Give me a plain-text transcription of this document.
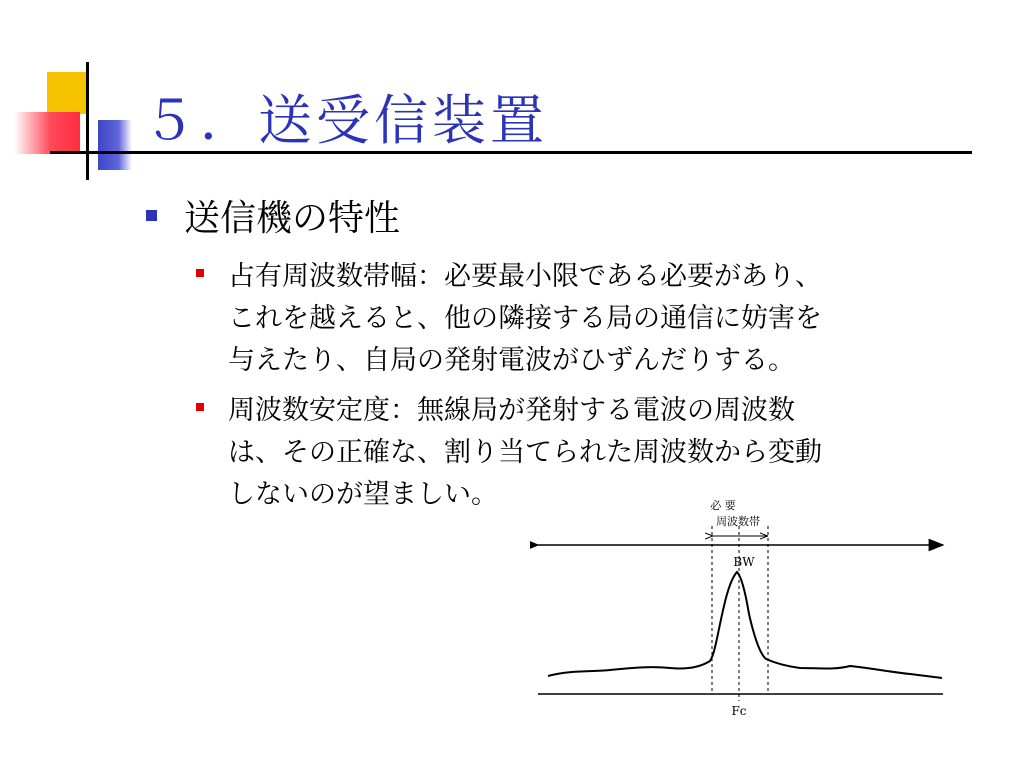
５．送受信装置
送信機の特性
占有周波数帯幅：必要最小限である必要があり、
これを越えると、他の隣接する局の通信に妨害を
与えたり、自局の発射電波がひずんだりする。
周波数安定度：無線局が発射する電波の周波数
は、その正確な、割り当てられた周波数から変動
しないのが望ましい。	必 要
周波数帯
BW
Fc
